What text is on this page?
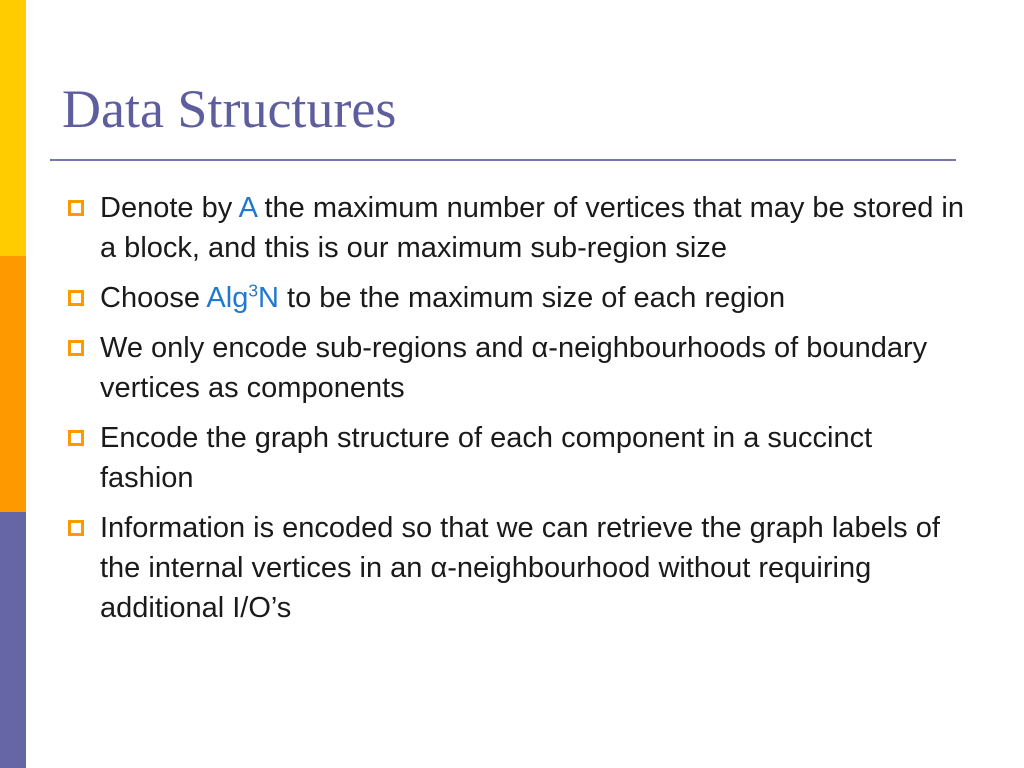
Data Structures
Denote by A the maximum number of vertices that may be stored in a block, and this is our maximum sub-region size
Choose Alg$^3$N to be the maximum size of each region
We only encode sub-regions and α-neighbourhoods of boundary vertices as components
Encode the graph structure of each component in a succinct fashion
Information is encoded so that we can retrieve the graph labels of the internal vertices in an α-neighbourhood without requiring additional I/O’s
